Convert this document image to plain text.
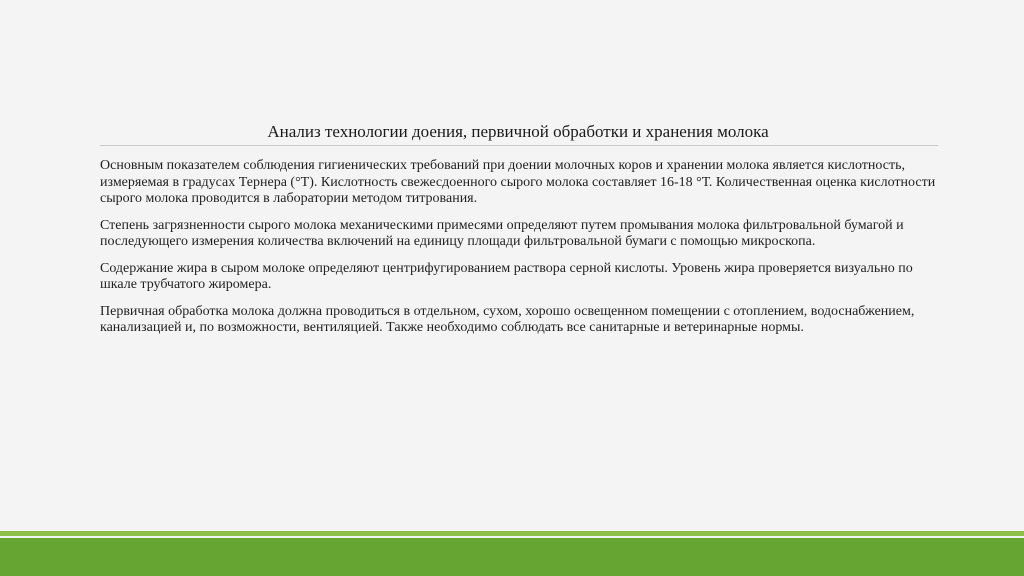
Анализ технологии доения, первичной обработки и хранения молока

Основным показателем соблюдения гигиенических требований при доении молочных коров и хранении молока является кислотность, измеряемая в градусах Тернера (°Т). Кислотность свежесдоенного сырого молока составляет 16-18 °Т. Количественная оценка кислотности сырого молока проводится в лаборатории методом титрования.

Степень загрязненности сырого молока механическими примесями определяют путем промывания молока фильтровальной бумагой и последующего измерения количества включений на единицу площади фильтровальной бумаги с помощью микроскопа.

Содержание жира в сыром молоке определяют центрифугированием раствора серной кислоты. Уровень жира проверяется визуально по шкале трубчатого жиромера.

Первичная обработка молока должна проводиться в отдельном, сухом, хорошо освещенном помещении с отоплением, водоснабжением, канализацией и, по возможности, вентиляцией. Также необходимо соблюдать все санитарные и ветеринарные нормы.
